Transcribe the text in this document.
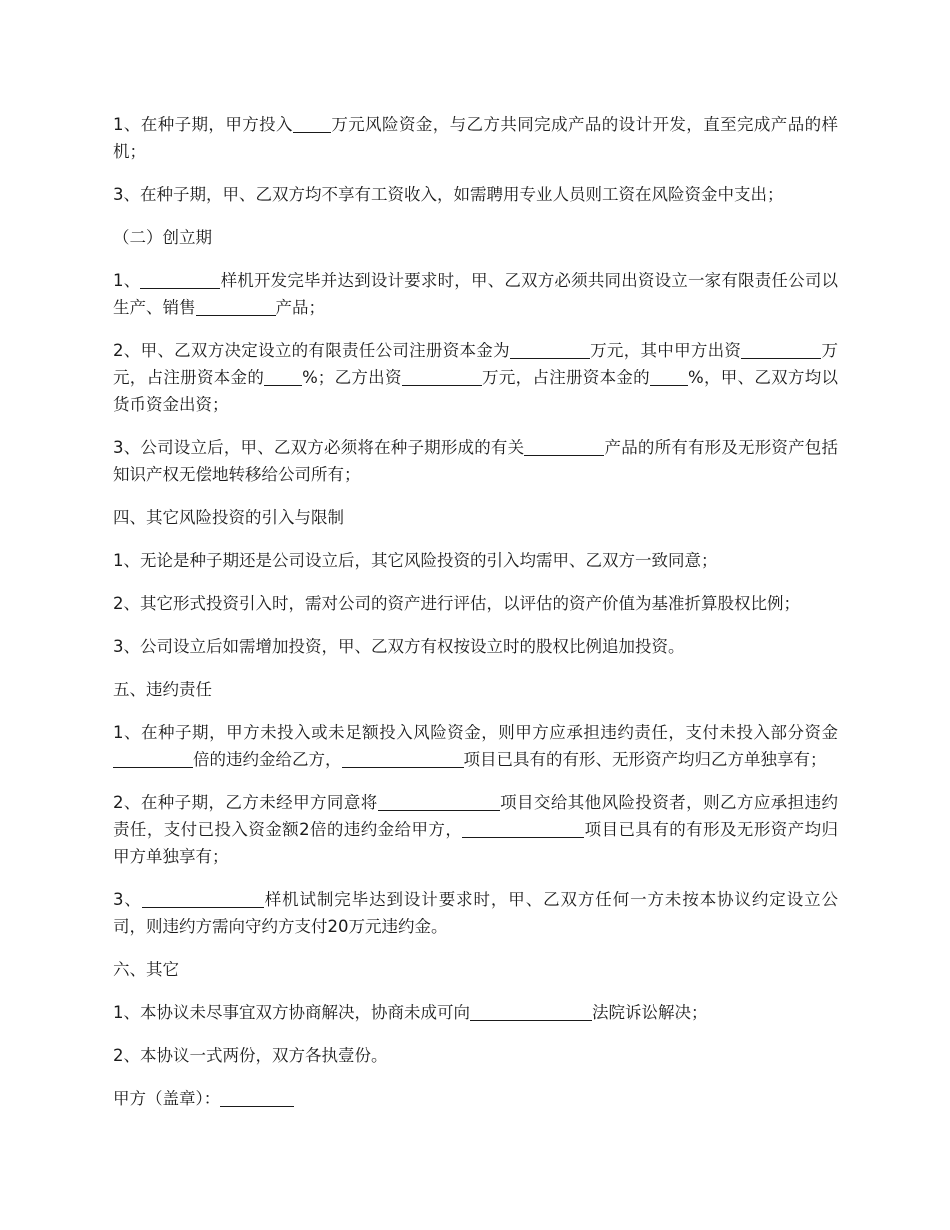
1、在种子期，甲方投入 万元风险资金，与乙方共同完成产品的设计开发，直至完成产品的样机；

3、在种子期，甲、乙双方均不享有工资收入，如需聘用专业人员则工资在风险资金中支出；

（二）创立期

1、	样机开发完毕并达到设计要求时，甲、乙双方必须共同出资设立一家有限责任公司以生产、销售	产品；

2、甲、乙双方决定设立的有限责任公司注册资本金为	万元，其中甲方出资	万元，占注册资本金的 %；乙方出资	万元，占注册资本金的 %，甲、乙双方均以货币资金出资；

3、公司设立后，甲、乙双方必须将在种子期形成的有关	产品的所有有形及无形资产包括知识产权无偿地转移给公司所有；

四、其它风险投资的引入与限制

1、无论是种子期还是公司设立后，其它风险投资的引入均需甲、乙双方一致同意；

2、其它形式投资引入时，需对公司的资产进行评估，以评估的资产价值为基准折算股权比例；

3、公司设立后如需增加投资，甲、乙双方有权按设立时的股权比例追加投资。

五、违约责任

1、在种子期，甲方未投入或未足额投入风险资金，则甲方应承担违约责任，支付未投入部分资金倍的违约金给乙方，	项目已具有的有形、无形资产均归乙方单独享有；

2、在种子期，乙方未经甲方同意将	项目交给其他风险投资者，则乙方应承担违约责任，支付已投入资金额2倍的违约金给甲方，	项目已具有的有形及无形资产均归甲方单独享有；

3、	样机试制完毕达到设计要求时，甲、乙双方任何一方未按本协议约定设立公司，则违约方需向守约方支付20万元违约金。

六、其它

1、本协议未尽事宜双方协商解决，协商未成可向	法院诉讼解决；

2、本协议一式两份，双方各执壹份。

甲方（盖章）：
